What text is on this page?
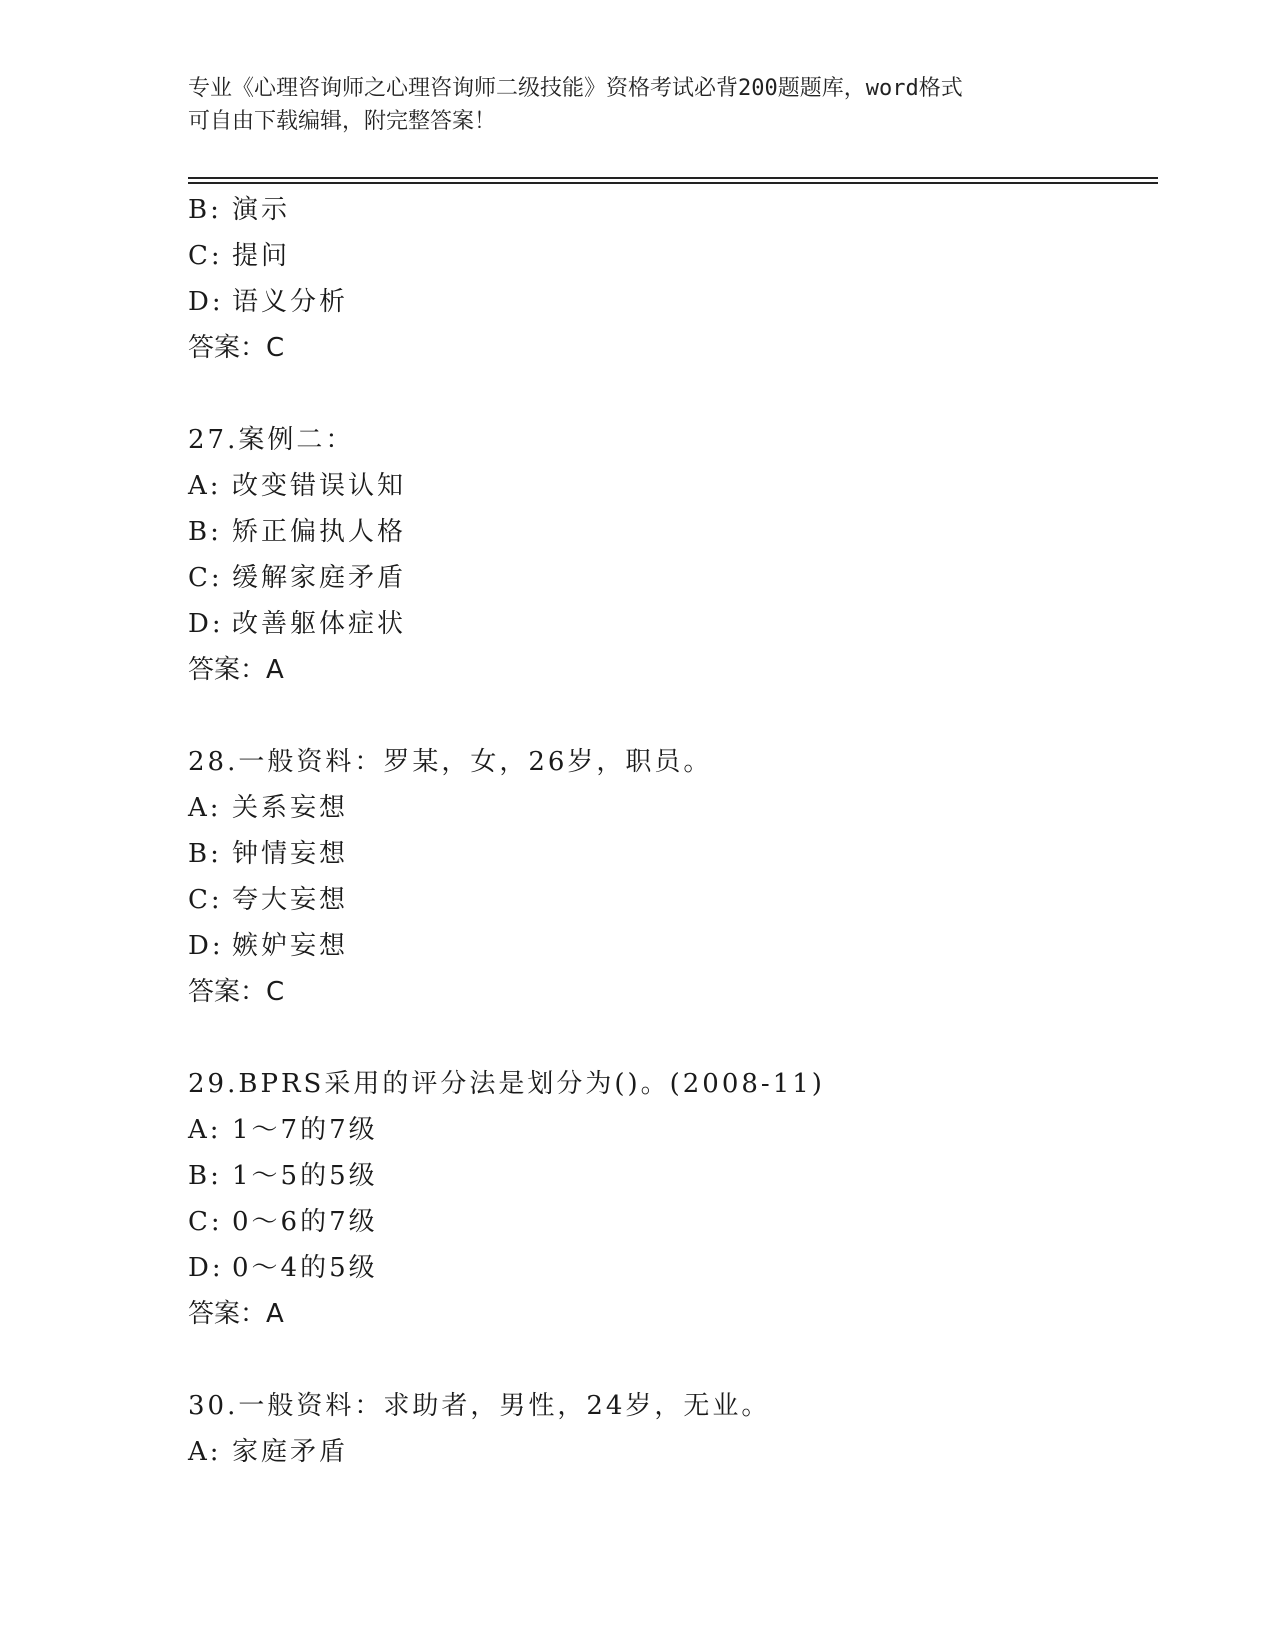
专业《心理咨询师之心理咨询师二级技能》资格考试必背200题题库，word格式
可自由下载编辑，附完整答案！
B: 演示
C: 提问
D: 语义分析
答案：C
27.案例二：
A: 改变错误认知
B: 矫正偏执人格
C: 缓解家庭矛盾
D: 改善躯体症状
答案：A
28.一般资料：罗某，女，26岁，职员。
A: 关系妄想
B: 钟情妄想
C: 夸大妄想
D: 嫉妒妄想
答案：C
29.BPRS采用的评分法是划分为()。(2008-11)
A: 1～7的7级
B: 1～5的5级
C: 0～6的7级
D: 0～4的5级
答案：A
30.一般资料：求助者，男性，24岁，无业。
A: 家庭矛盾
